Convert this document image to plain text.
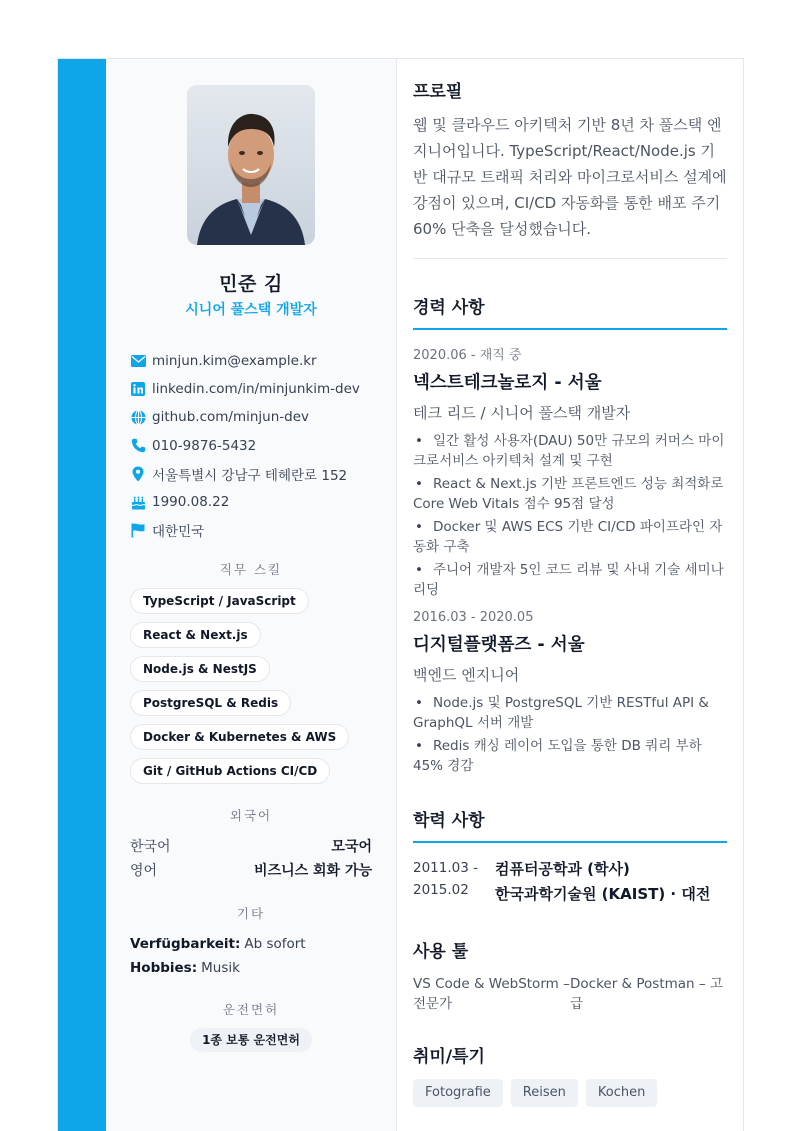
민준 김
시니어 풀스택 개발자
minjun.kim@example.kr
linkedin.com/in/minjunkim-dev
github.com/minjun-dev
010-9876-5432
서울특별시 강남구 테헤란로 152
1990.08.22
대한민국
직무 스킬
TypeScript / JavaScript
React & Next.js
Node.js & NestJS
PostgreSQL & Redis
Docker & Kubernetes & AWS
Git / GitHub Actions CI/CD
외국어
한국어	모국어
영어	비즈니스 회화 가능
기타
Verfügbarkeit: Ab sofort
Hobbies: Musik
운전면허
1종 보통 운전면허
프로필
웹 및 클라우드 아키텍처 기반 8년 차 풀스택 엔지니어입니다. TypeScript/React/Node.js 기반 대규모 트래픽 처리와 마이크로서비스 설계에 강점이 있으며, CI/CD 자동화를 통한 배포 주기 60% 단축을 달성했습니다.
경력 사항
2020.06 - 재직 중
넥스트테크놀로지 - 서울
테크 리드 / 시니어 풀스택 개발자
• 일간 활성 사용자(DAU) 50만 규모의 커머스 마이크로서비스 아키텍처 설계 및 구현
• React & Next.js 기반 프론트엔드 성능 최적화로 Core Web Vitals 점수 95점 달성
• Docker 및 AWS ECS 기반 CI/CD 파이프라인 자동화 구축
• 주니어 개발자 5인 코드 리뷰 및 사내 기술 세미나 리딩
2016.03 - 2020.05
디지털플랫폼즈 - 서울
백엔드 엔지니어
• Node.js 및 PostgreSQL 기반 RESTful API & GraphQL 서버 개발
• Redis 캐싱 레이어 도입을 통한 DB 쿼리 부하 45% 경감
학력 사항
2011.03 -
2015.02
컴퓨터공학과 (학사)
한국과학기술원 (KAIST) · 대전
사용 툴
VS Code & WebStorm – 전문가
Docker & Postman – 고급
취미/특기
Fotografie	Reisen	Kochen
